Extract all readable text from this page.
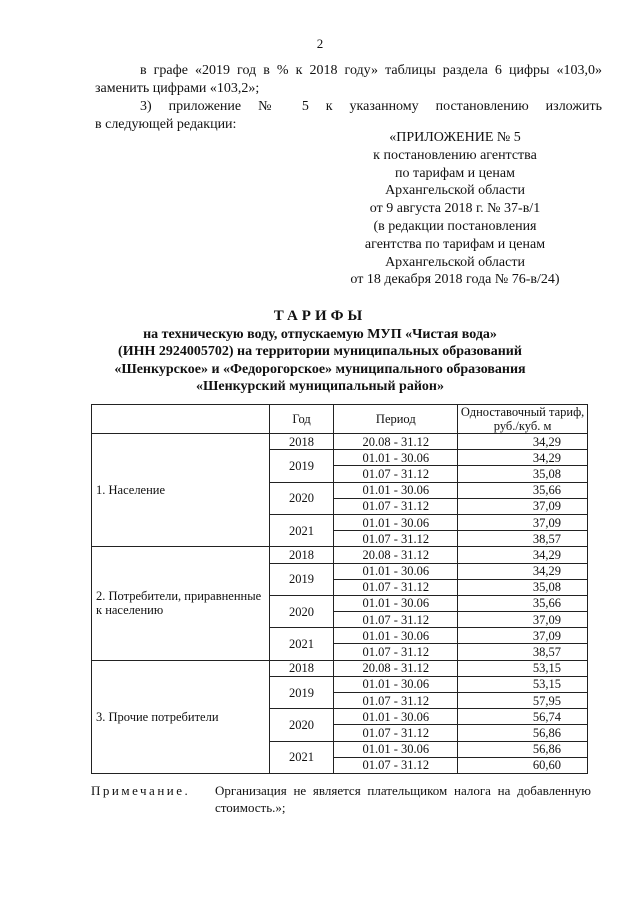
2
в графе «2019 год в % к 2018 году» таблицы раздела 6 цифры «103,0»
заменить цифрами «103,2»;
3) приложение № 5 к указанному постановлению изложить
в следующей редакции:
«ПРИЛОЖЕНИЕ № 5
к постановлению агентства
по тарифам и ценам
Архангельской области
от 9 августа 2018 г. № 37-в/1
(в редакции постановления
агентства по тарифам и ценам
Архангельской области
от 18 декабря 2018 года № 76-в/24)
ТАРИФЫ
на техническую воду, отпускаемую МУП «Чистая вода»
(ИНН 2924005702) на территории муниципальных образований
«Шенкурское» и «Федорогорское» муниципального образования
«Шенкурский муниципальный район»
	Год	Период	Одноставочный тариф, руб./куб. м
1. Население	2018	20.08 - 31.12	34,29
	2019	01.01 - 30.06	34,29
		01.07 - 31.12	35,08
	2020	01.01 - 30.06	35,66
		01.07 - 31.12	37,09
	2021	01.01 - 30.06	37,09
		01.07 - 31.12	38,57
2. Потребители, приравненные к населению	2018	20.08 - 31.12	34,29
	2019	01.01 - 30.06	34,29
		01.07 - 31.12	35,08
	2020	01.01 - 30.06	35,66
		01.07 - 31.12	37,09
	2021	01.01 - 30.06	37,09
		01.07 - 31.12	38,57
3. Прочие потребители	2018	20.08 - 31.12	53,15
	2019	01.01 - 30.06	53,15
		01.07 - 31.12	57,95
	2020	01.01 - 30.06	56,74
		01.07 - 31.12	56,86
	2021	01.01 - 30.06	56,86
		01.07 - 31.12	60,60
Примечание.	Организация не является плательщиком налога на добавленную стоимость.»;
